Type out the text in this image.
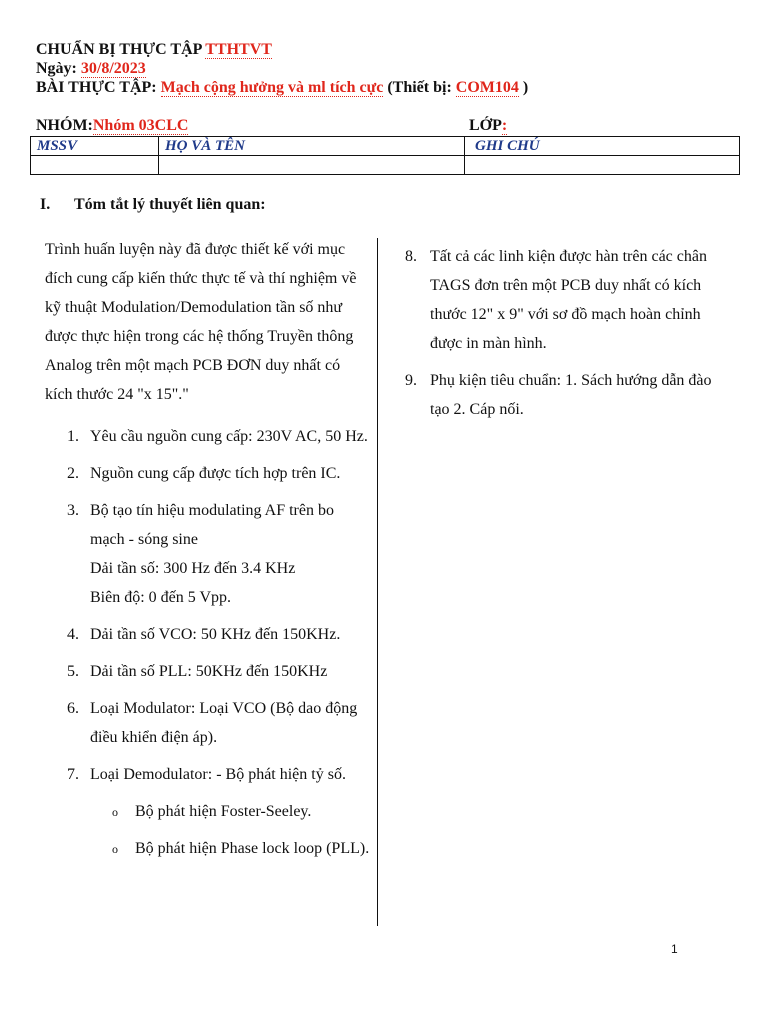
CHUẨN BỊ THỰC TẬP TTHTVT
Ngày: 30/8/2023
BÀI THỰC TẬP: Mạch cộng hưởng và ml tích cực (Thiết bị: COM104 )
NHÓM:Nhóm 03CLC	LỚP:
MSSV	HỌ VÀ TÊN	GHI CHÚ

I. Tóm tắt lý thuyết liên quan:

Trình huấn luyện này đã được thiết kế với mục đích cung cấp kiến thức thực tế và thí nghiệm về kỹ thuật Modulation/Demodulation tần số như được thực hiện trong các hệ thống Truyền thông Analog trên một mạch PCB ĐƠN duy nhất có kích thước 24 "x 15"."

1. Yêu cầu nguồn cung cấp: 230V AC, 50 Hz.
2. Nguồn cung cấp được tích hợp trên IC.
3. Bộ tạo tín hiệu modulating AF trên bo mạch - sóng sine
Dải tần số: 300 Hz đến 3.4 KHz
Biên độ: 0 đến 5 Vpp.
4. Dải tần số VCO: 50 KHz đến 150KHz.
5. Dải tần số PLL: 50KHz đến 150KHz
6. Loại Modulator: Loại VCO (Bộ dao động điều khiển điện áp).
7. Loại Demodulator: - Bộ phát hiện tỷ số.
o Bộ phát hiện Foster-Seeley.
o Bộ phát hiện Phase lock loop (PLL).
8. Tất cả các linh kiện được hàn trên các chân TAGS đơn trên một PCB duy nhất có kích thước 12" x 9" với sơ đồ mạch hoàn chỉnh được in màn hình.
9. Phụ kiện tiêu chuẩn: 1. Sách hướng dẫn đào tạo 2. Cáp nối.
1
